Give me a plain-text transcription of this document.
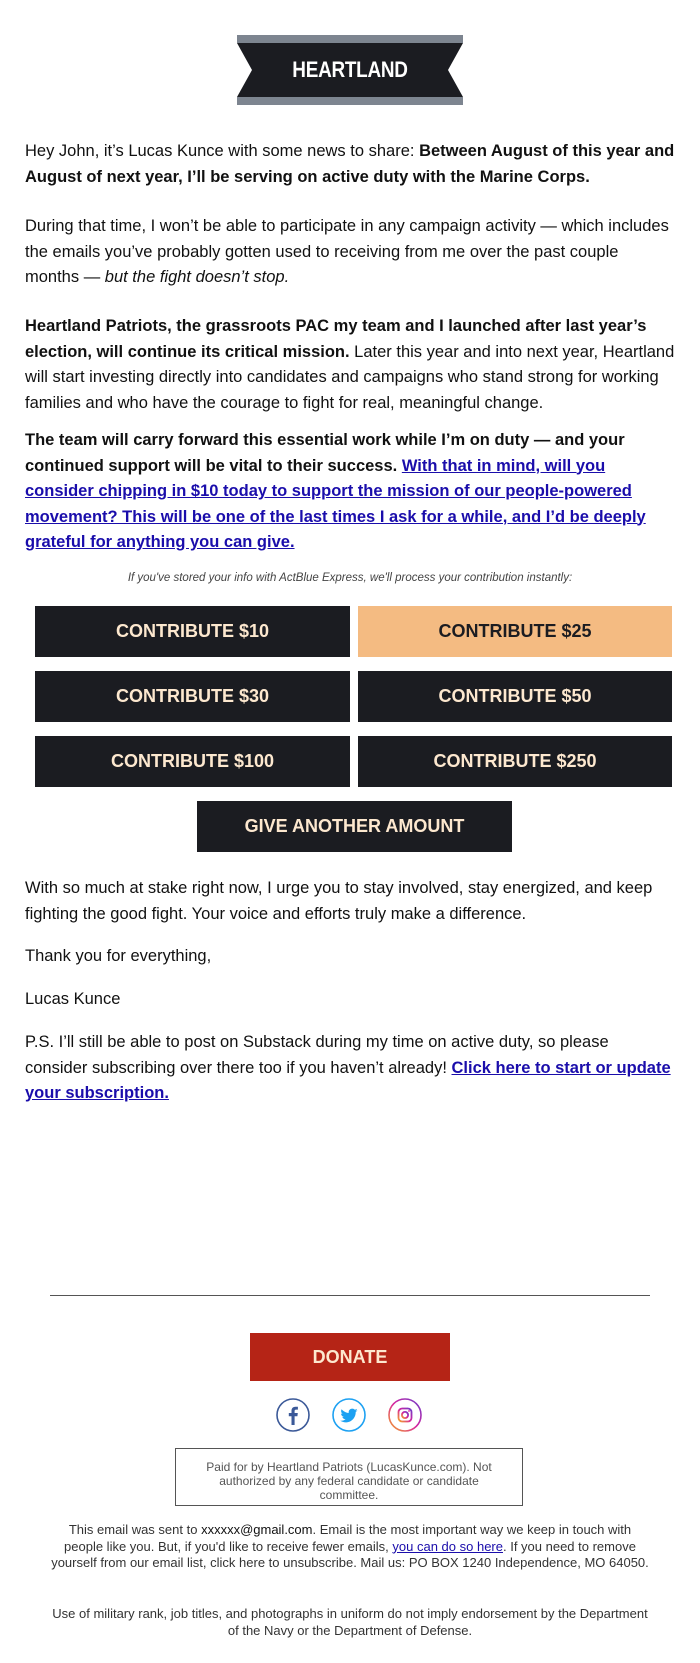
HEARTLAND PATRIOTS

Hey John, it’s Lucas Kunce with some news to share: Between August of this year and August of next year, I’ll be serving on active duty with the Marine Corps.

During that time, I won’t be able to participate in any campaign activity — which includes the emails you’ve probably gotten used to receiving from me over the past couple months — but the fight doesn’t stop.

Heartland Patriots, the grassroots PAC my team and I launched after last year’s election, will continue its critical mission. Later this year and into next year, Heartland will start investing directly into candidates and campaigns who stand strong for working families and who have the courage to fight for real, meaningful change.

The team will carry forward this essential work while I’m on duty — and your continued support will be vital to their success. With that in mind, will you consider chipping in $10 today to support the mission of our people-powered movement? This will be one of the last times I ask for a while, and I’d be deeply grateful for anything you can give.

If you've stored your info with ActBlue Express, we'll process your contribution instantly:
CONTRIBUTE $10	CONTRIBUTE $25
CONTRIBUTE $30	CONTRIBUTE $50
CONTRIBUTE $100	CONTRIBUTE $250
GIVE ANOTHER AMOUNT

With so much at stake right now, I urge you to stay involved, stay energized, and keep fighting the good fight. Your voice and efforts truly make a difference.

Thank you for everything,
Lucas Kunce

P.S. I’ll still be able to post on Substack during my time on active duty, so please consider subscribing over there too if you haven’t already! Click here to start or update your subscription.

DONATE
Paid for by Heartland Patriots (LucasKunce.com). Not authorized by any federal candidate or candidate committee.
This email was sent to xxxxxx@gmail.com. Email is the most important way we keep in touch with people like you. But, if you'd like to receive fewer emails, you can do so here. If you need to remove yourself from our email list, click here to unsubscribe. Mail us: PO BOX 1240 Independence, MO 64050.
Use of military rank, job titles, and photographs in uniform do not imply endorsement by the Department of the Navy or the Department of Defense.
